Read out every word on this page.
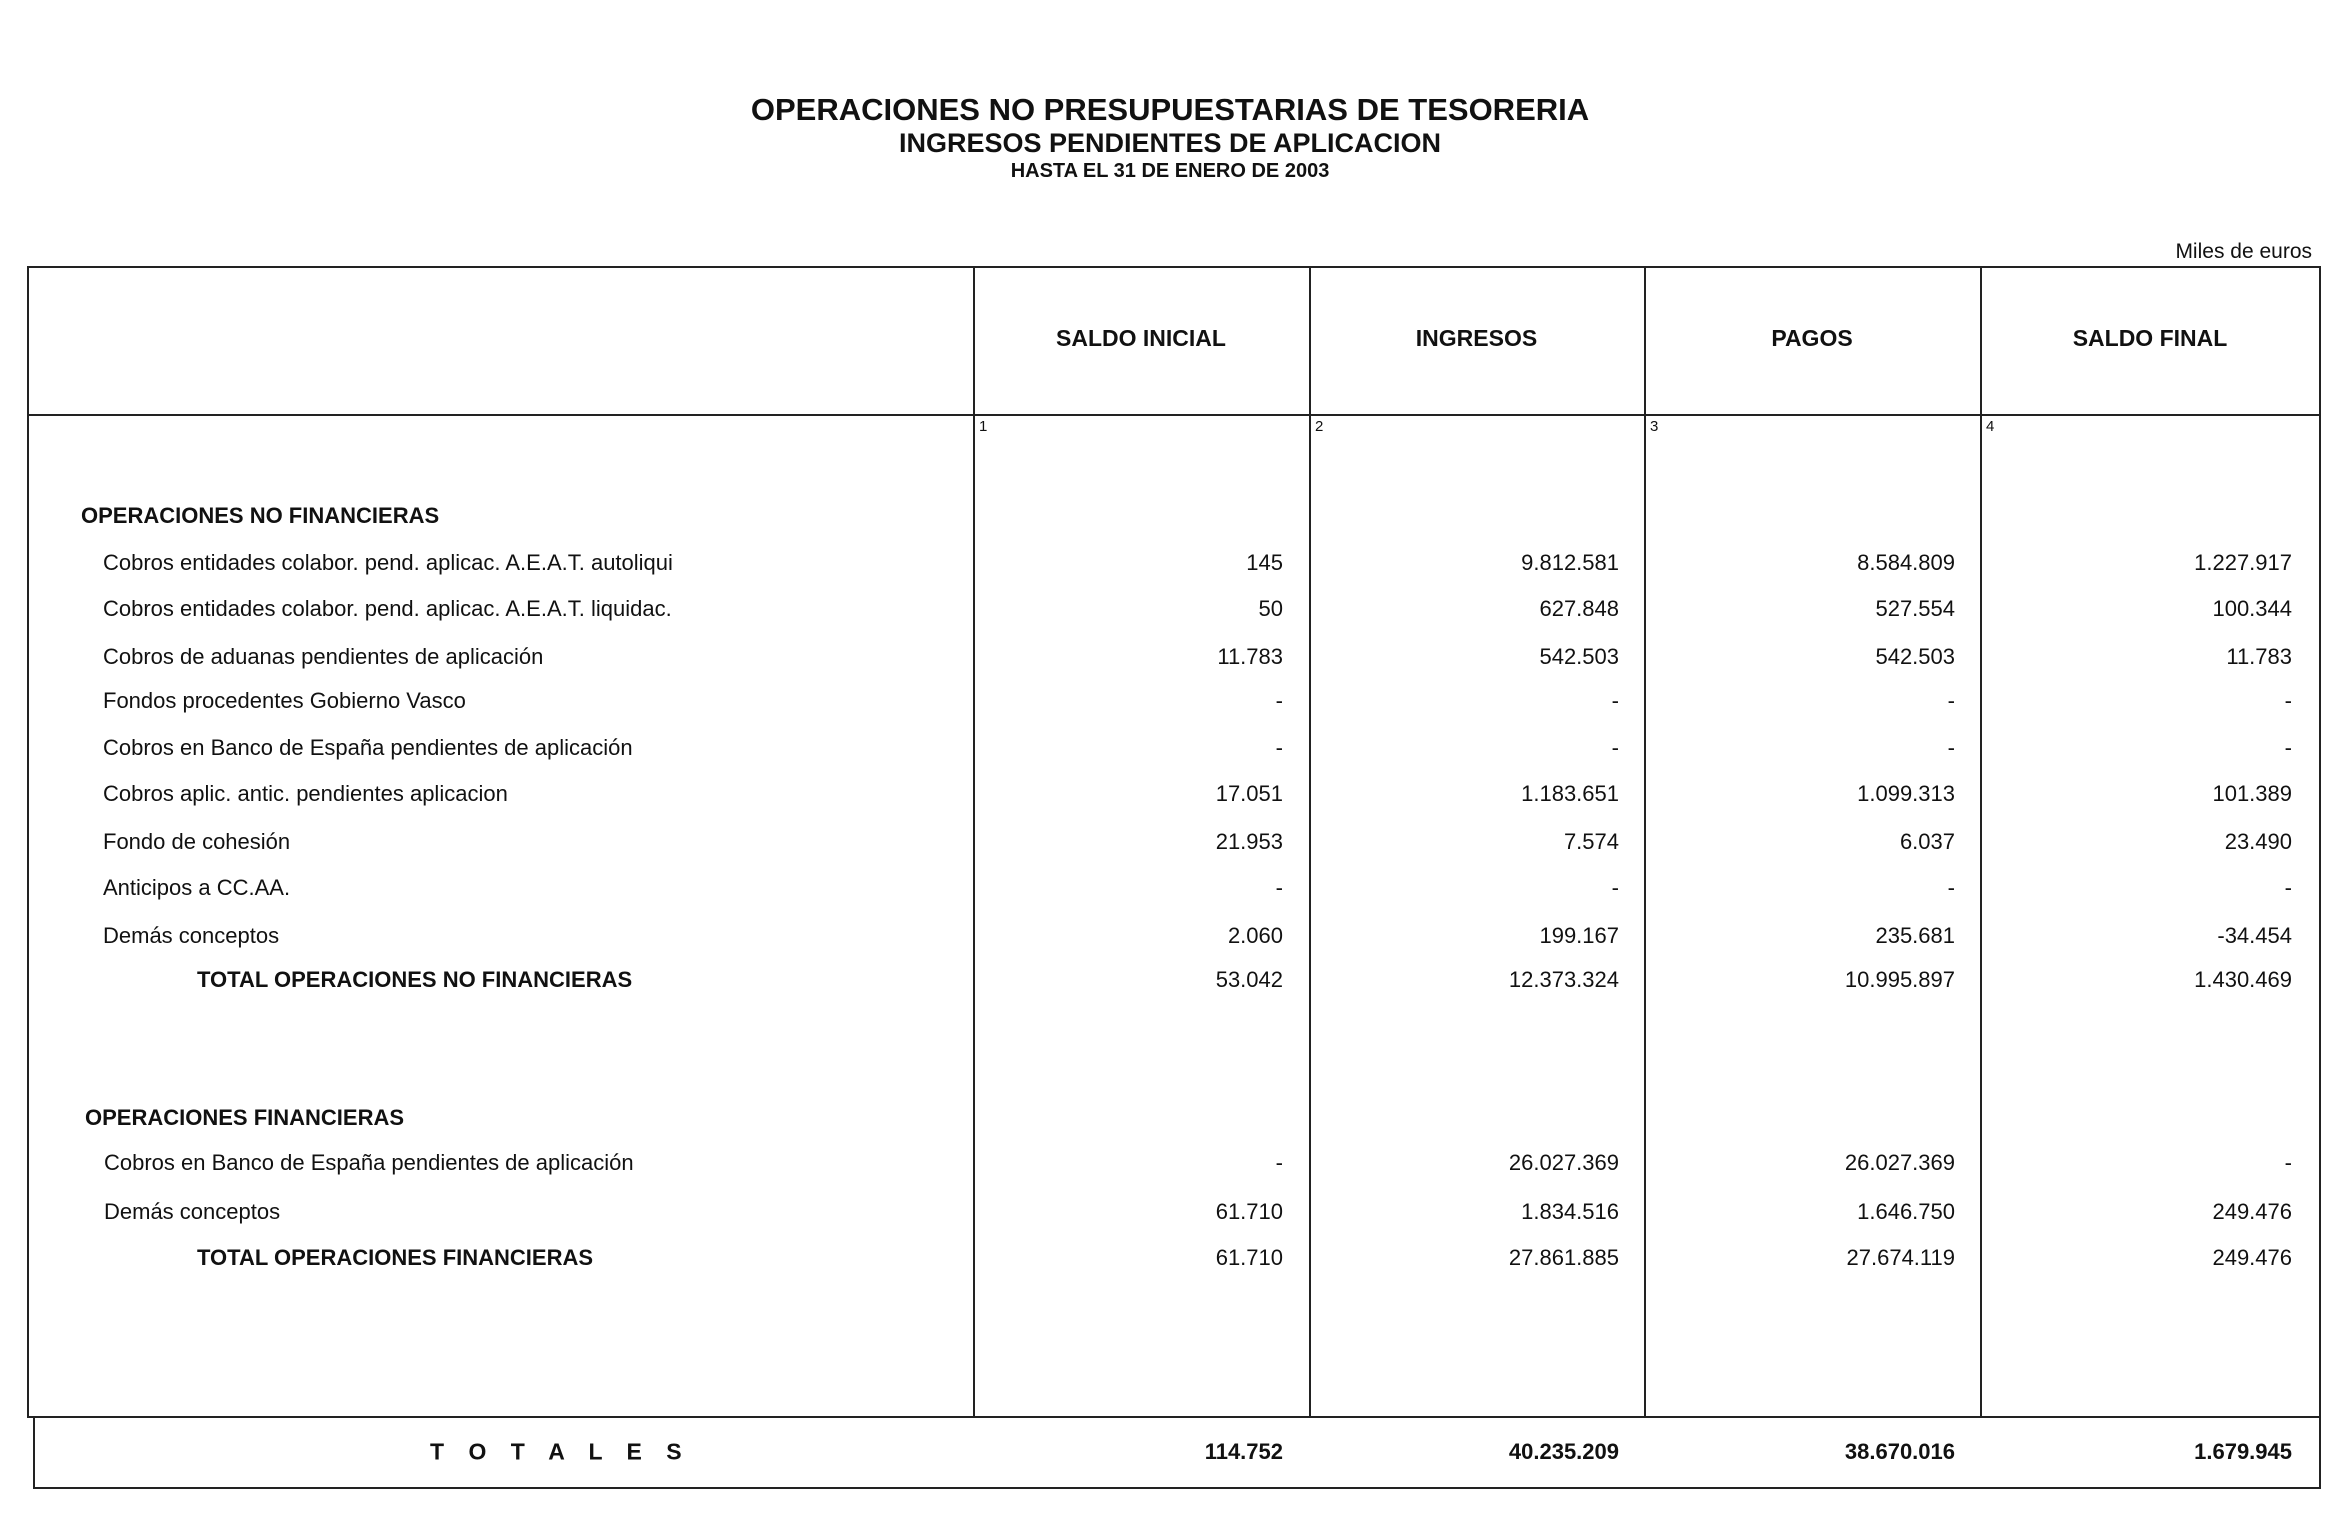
OPERACIONES NO PRESUPUESTARIAS DE TESORERIA
INGRESOS PENDIENTES DE APLICACION
HASTA EL 31 DE ENERO DE 2003
Miles de euros
SALDO INICIAL
1
INGRESOS
2
PAGOS
3
SALDO FINAL
4
OPERACIONES NO FINANCIERAS
Cobros entidades colabor. pend. aplicac. A.E.A.T. autoliqui	145	9.812.581	8.584.809	1.227.917
Cobros entidades colabor. pend. aplicac. A.E.A.T. liquidac.	50	627.848	527.554	100.344
Cobros de aduanas pendientes de aplicación	11.783	542.503	542.503	11.783
Fondos procedentes Gobierno Vasco	-	-	-	-
Cobros en Banco de España pendientes de aplicación	-	-	-	-
Cobros aplic. antic. pendientes aplicacion	17.051	1.183.651	1.099.313	101.389
Fondo de cohesión	21.953	7.574	6.037	23.490
Anticipos a CC.AA.	-	-	-	-
Demás conceptos	2.060	199.167	235.681	-34.454
TOTAL OPERACIONES NO FINANCIERAS	53.042	12.373.324	10.995.897	1.430.469
OPERACIONES FINANCIERAS
Cobros en Banco de España pendientes de aplicación	-	26.027.369	26.027.369	-
Demás conceptos	61.710	1.834.516	1.646.750	249.476
TOTAL OPERACIONES FINANCIERAS	61.710	27.861.885	27.674.119	249.476
T O T A L E S	114.752	40.235.209	38.670.016	1.679.945
